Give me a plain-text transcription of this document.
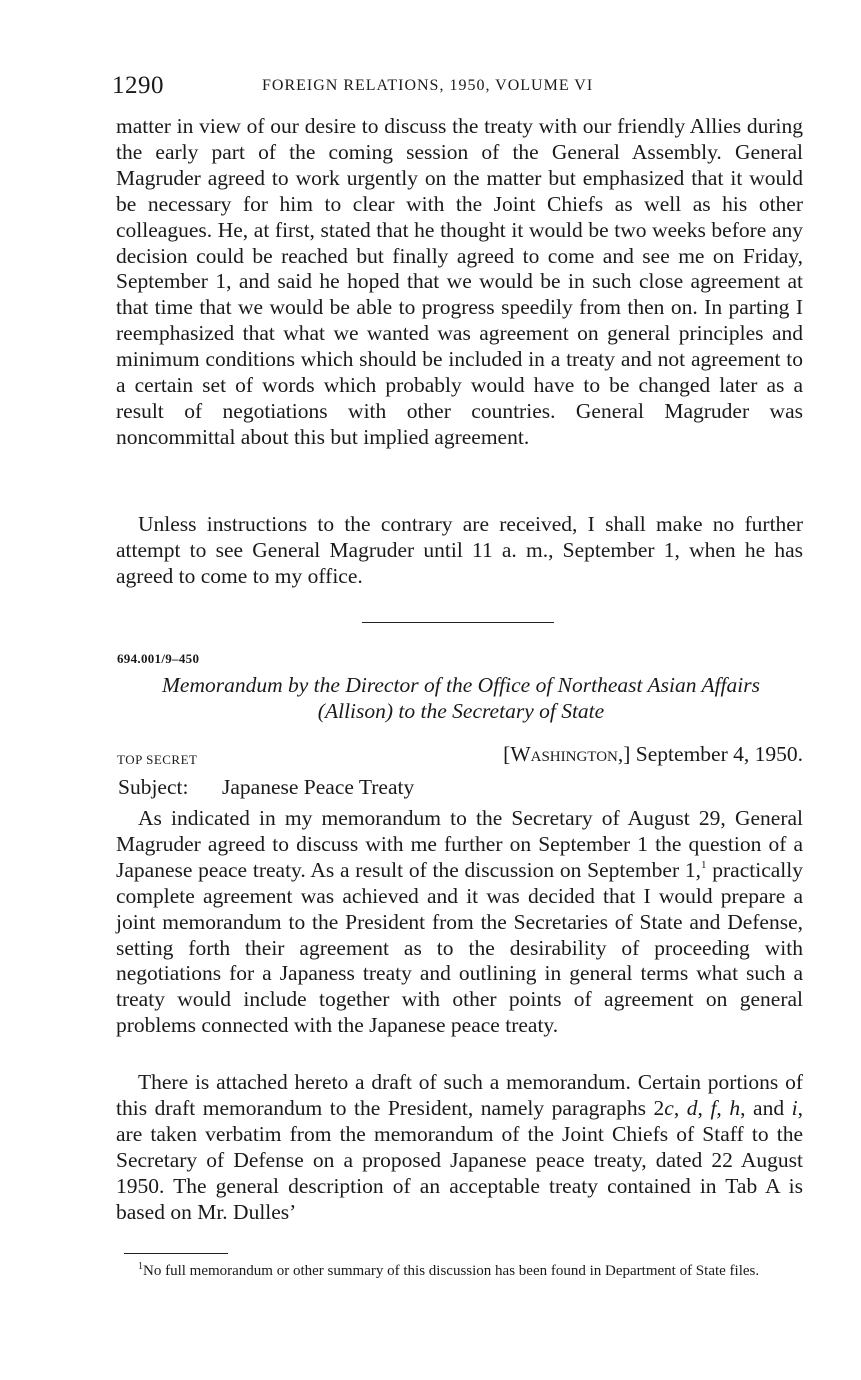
1290	FOREIGN RELATIONS, 1950, VOLUME VI

matter in view of our desire to discuss the treaty with our friendly Allies during the early part of the coming session of the General Assembly. General Magruder agreed to work urgently on the matter but emphasized that it would be necessary for him to clear with the Joint Chiefs as well as his other colleagues. He, at first, stated that he thought it would be two weeks before any decision could be reached but finally agreed to come and see me on Friday, September 1, and said he hoped that we would be in such close agreement at that time that we would be able to progress speedily from then on. In parting I reemphasized that what we wanted was agreement on general principles and minimum conditions which should be included in a treaty and not agreement to a certain set of words which probably would have to be changed later as a result of negotiations with other countries. General Magruder was noncommittal about this but implied agreement.

Unless instructions to the contrary are received, I shall make no further attempt to see General Magruder until 11 a. m., September 1, when he has agreed to come to my office.

694.001/9–450
Memorandum by the Director of the Office of Northeast Asian Affairs
(Allison) to the Secretary of State
TOP SECRET	[Washington,] September 4, 1950.
Subject: Japanese Peace Treaty

As indicated in my memorandum to the Secretary of August 29, General Magruder agreed to discuss with me further on September 1 the question of a Japanese peace treaty. As a result of the discussion on September 1,$^1$ practically complete agreement was achieved and it was decided that I would prepare a joint memorandum to the President from the Secretaries of State and Defense, setting forth their agreement as to the desirability of proceeding with negotiations for a Japaness treaty and outlining in general terms what such a treaty would include together with other points of agreement on general problems connected with the Japanese peace treaty.

There is attached hereto a draft of such a memorandum. Certain portions of this draft memorandum to the President, namely paragraphs 2c, d, f, h, and i, are taken verbatim from the memorandum of the Joint Chiefs of Staff to the Secretary of Defense on a proposed Japanese peace treaty, dated 22 August 1950. The general description of an acceptable treaty contained in Tab A is based on Mr. Dulles’

$^1$No full memorandum or other summary of this discussion has been found in Department of State files.
